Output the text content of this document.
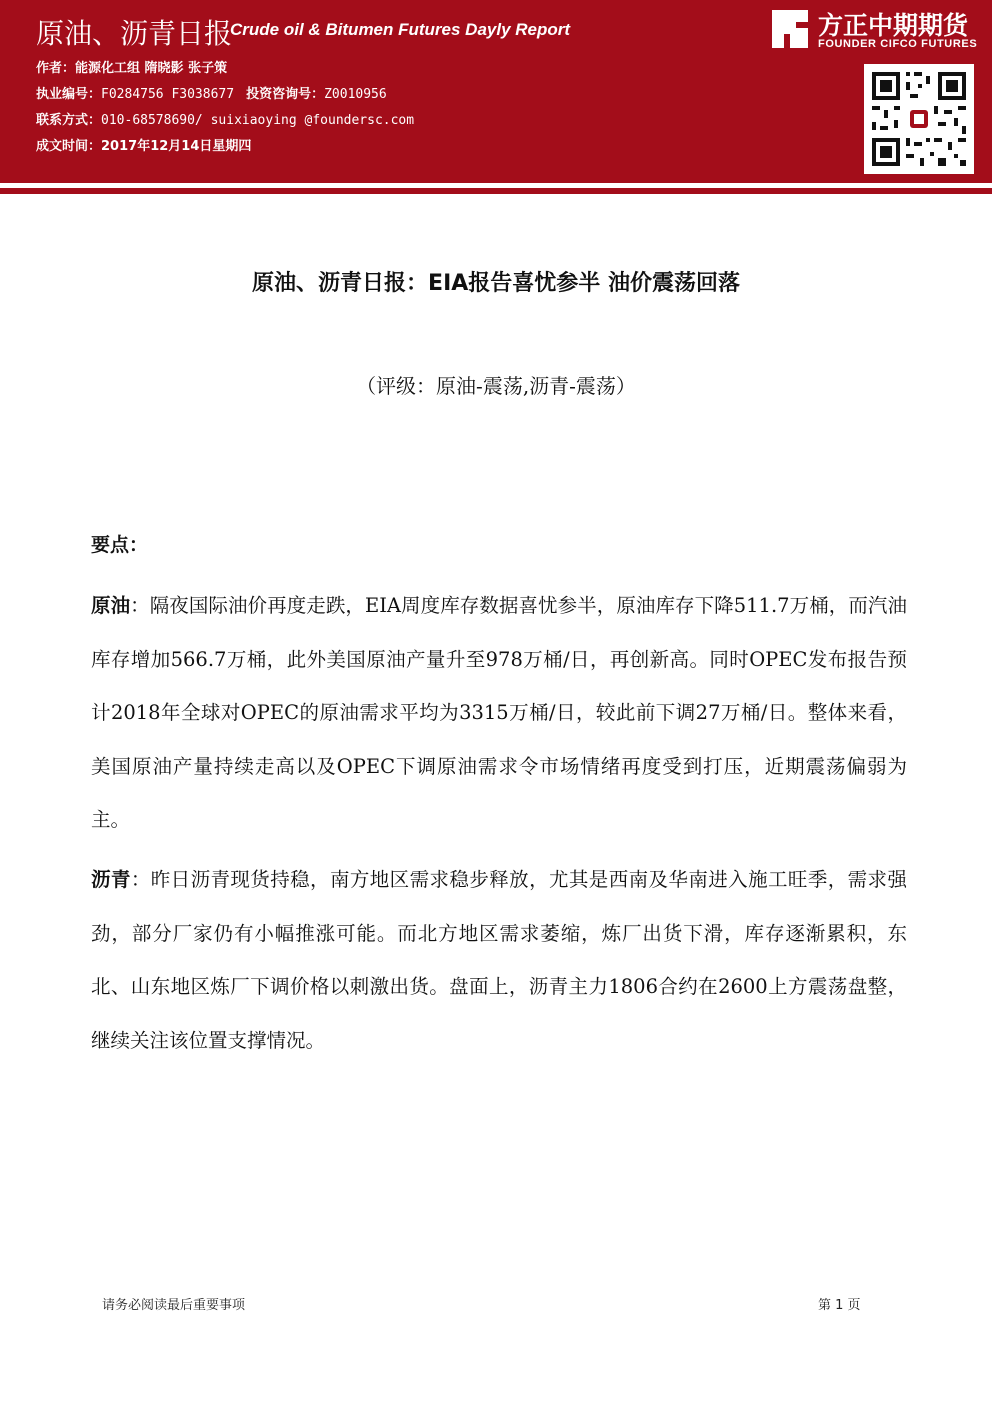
原油、沥青日报
Crude oil & Bitumen Futures Dayly Report
作者：能源化工组 隋晓影 张子策
执业编号：F0284756 F3038677 投资咨询号：Z0010956
联系方式：010-68578690/ suixiaoying @foundersc.com
成文时间：2017年12月14日星期四
方正中期期货
FOUNDER CIFCO FUTURES
原油、沥青日报：EIA报告喜忧参半 油价震荡回落
（评级：原油-震荡,沥青-震荡）
要点：
原油：隔夜国际油价再度走跌，EIA周度库存数据喜忧参半，原油库存下降511.7万桶，而汽油库存增加566.7万桶，此外美国原油产量升至978万桶/日，再创新高。同时OPEC发布报告预计2018年全球对OPEC的原油需求平均为3315万桶/日，较此前下调27万桶/日。整体来看，美国原油产量持续走高以及OPEC下调原油需求令市场情绪再度受到打压，近期震荡偏弱为主。
沥青：昨日沥青现货持稳，南方地区需求稳步释放，尤其是西南及华南进入施工旺季，需求强劲，部分厂家仍有小幅推涨可能。而北方地区需求萎缩，炼厂出货下滑，库存逐渐累积，东北、山东地区炼厂下调价格以刺激出货。盘面上，沥青主力1806合约在2600上方震荡盘整，继续关注该位置支撑情况。
请务必阅读最后重要事项	第 1 页
